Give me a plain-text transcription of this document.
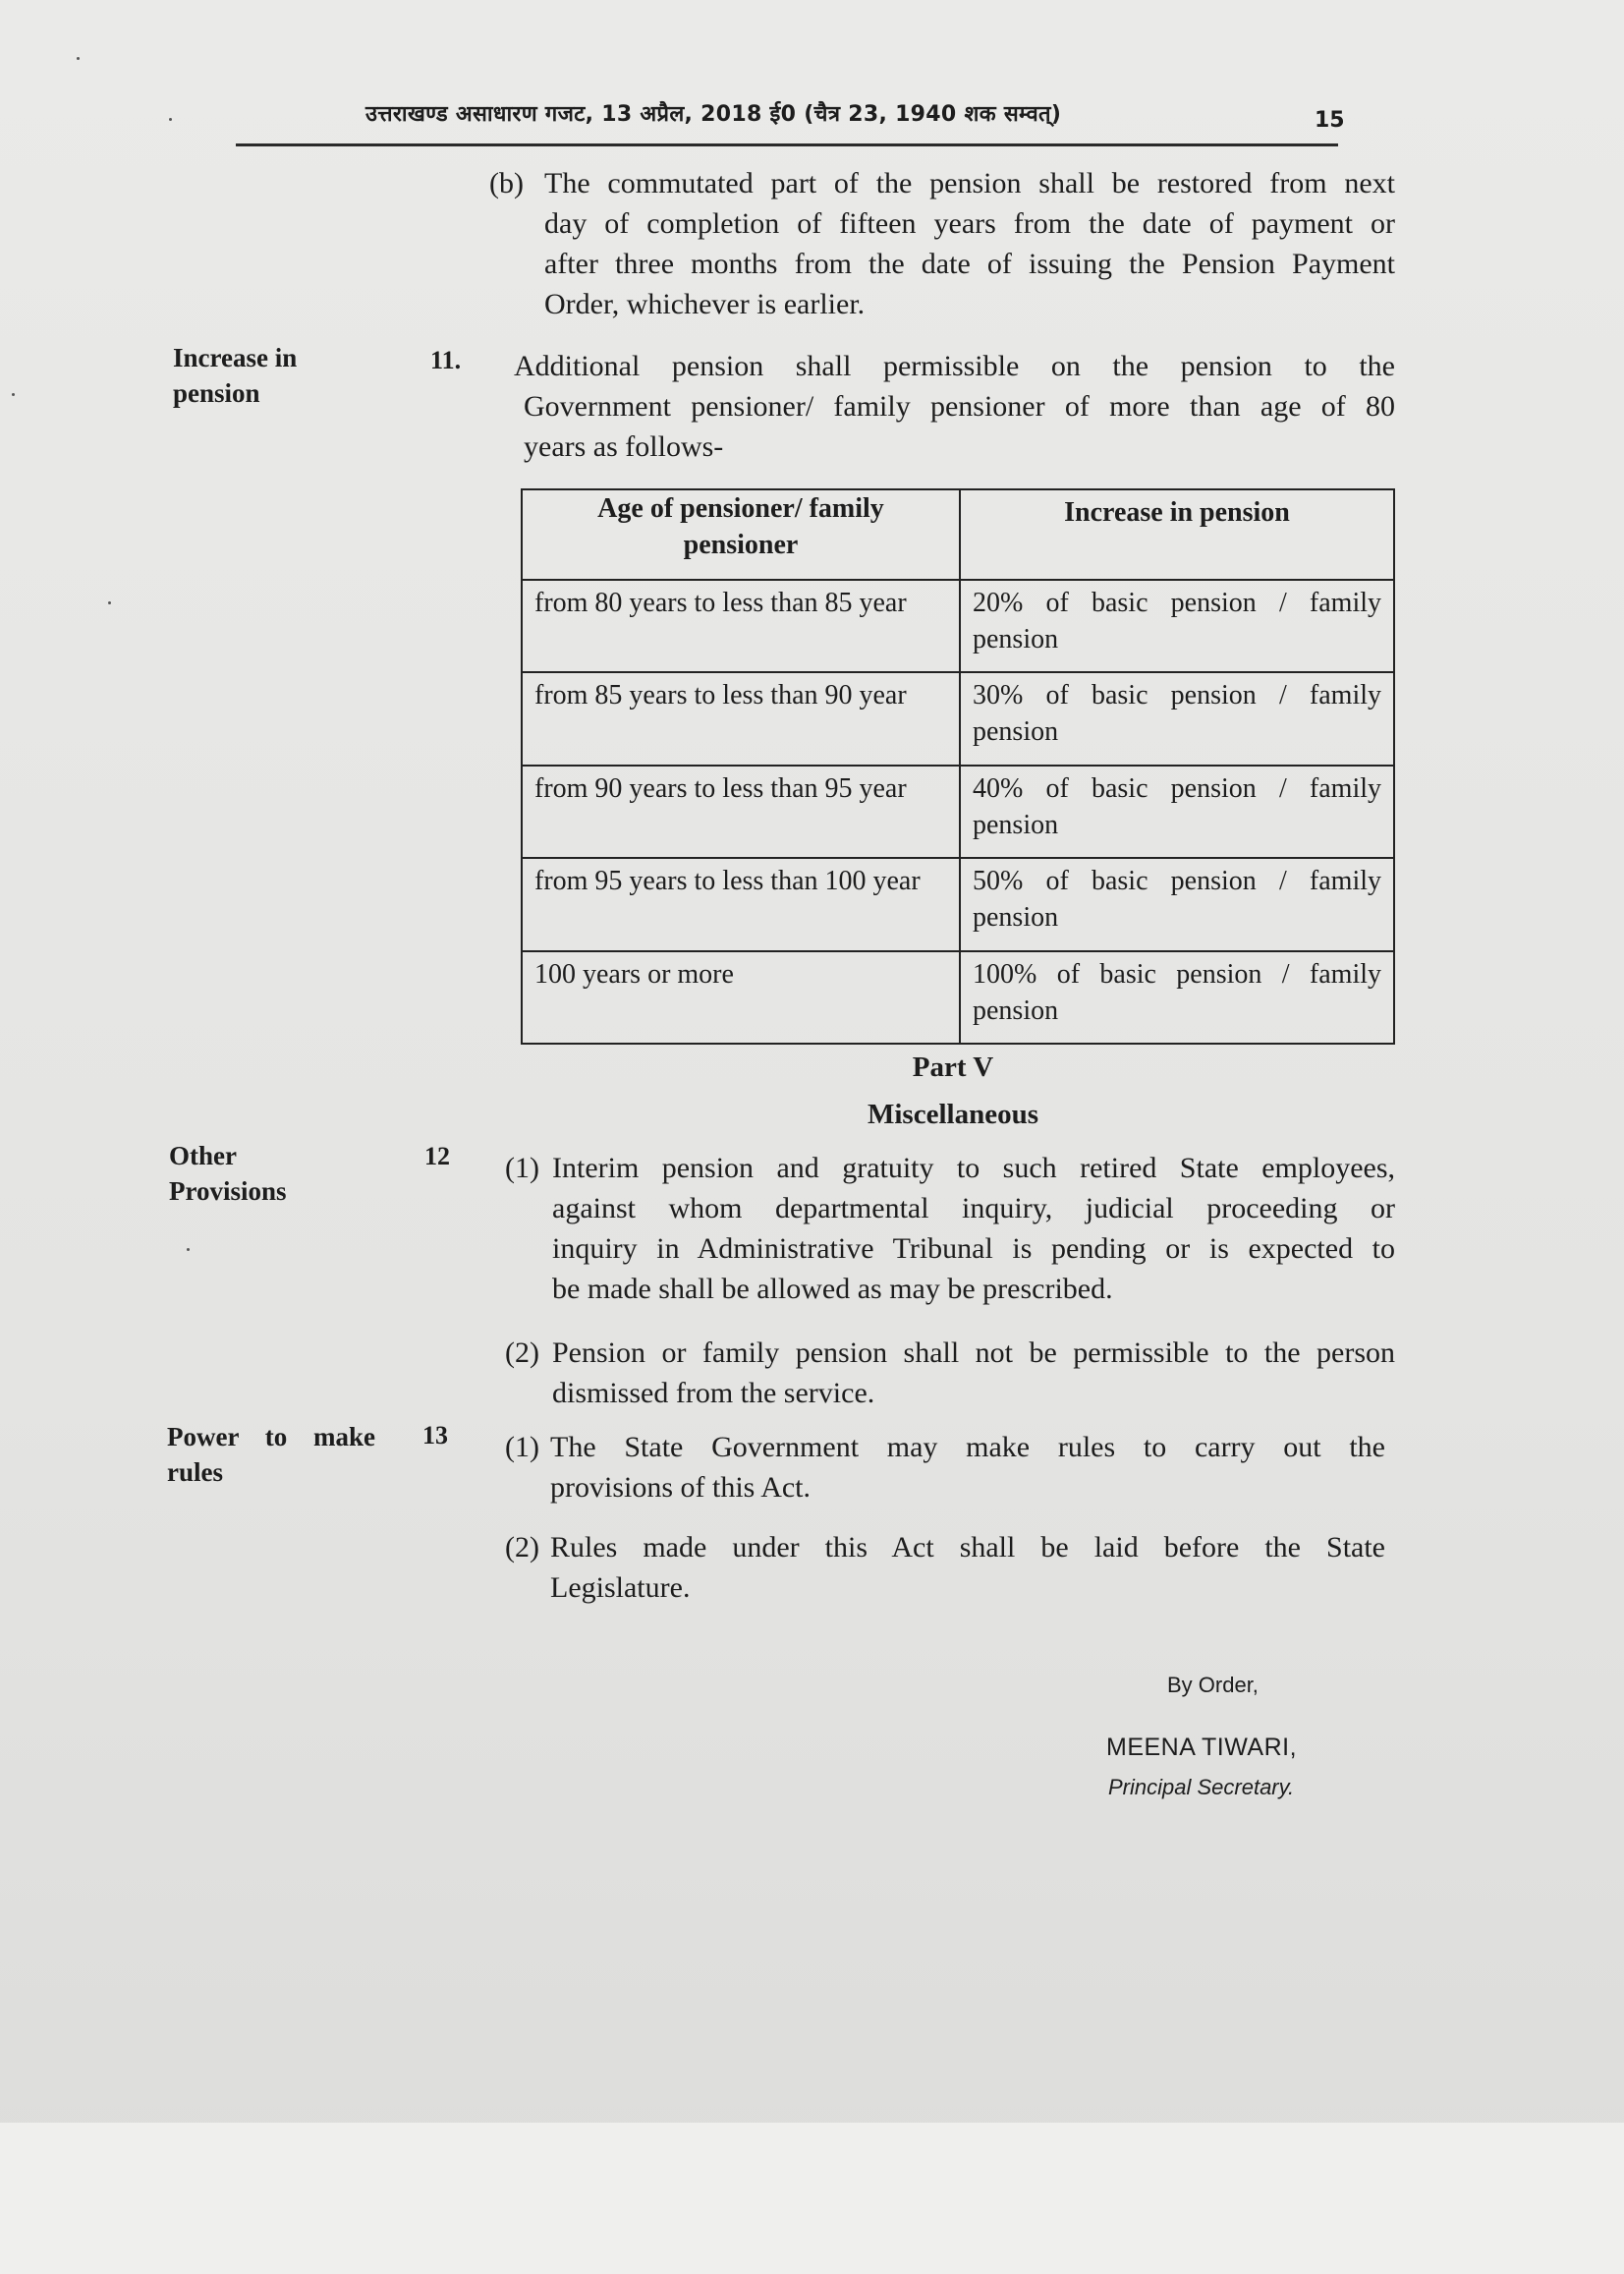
उत्तराखण्ड असाधारण गजट, 13 अप्रैल, 2018 ई0 (चैत्र 23, 1940 शक सम्वत्)	15
(b) The commutated part of the pension shall be restored from next
day of completion of fifteen years from the date of payment or
after three months from the date of issuing the Pension Payment
Order, whichever is earlier.
Increase in
pension
11. Additional pension shall permissible on the pension to the
Government pensioner/ family pensioner of more than age of 80
years as follows-
Age of pensioner/ family pensioner	Increase in pension
from 80 years to less than 85 year	20% of basic pension / family pension
from 85 years to less than 90 year	30% of basic pension / family pension
from 90 years to less than 95 year	40% of basic pension / family pension
from 95 years to less than 100 year	50% of basic pension / family pension
100 years or more	100% of basic pension / family pension
Part V
Miscellaneous
Other
Provisions
12 (1) Interim pension and gratuity to such retired State employees,
against whom departmental inquiry, judicial proceeding or
inquiry in Administrative Tribunal is pending or is expected to
be made shall be allowed as may be prescribed.
(2) Pension or family pension shall not be permissible to the person
dismissed from the service.
Power to make
rules
13 (1) The State Government may make rules to carry out the
provisions of this Act.
(2) Rules made under this Act shall be laid before the State
Legislature.
By Order,
MEENA TIWARI,
Principal Secretary.
